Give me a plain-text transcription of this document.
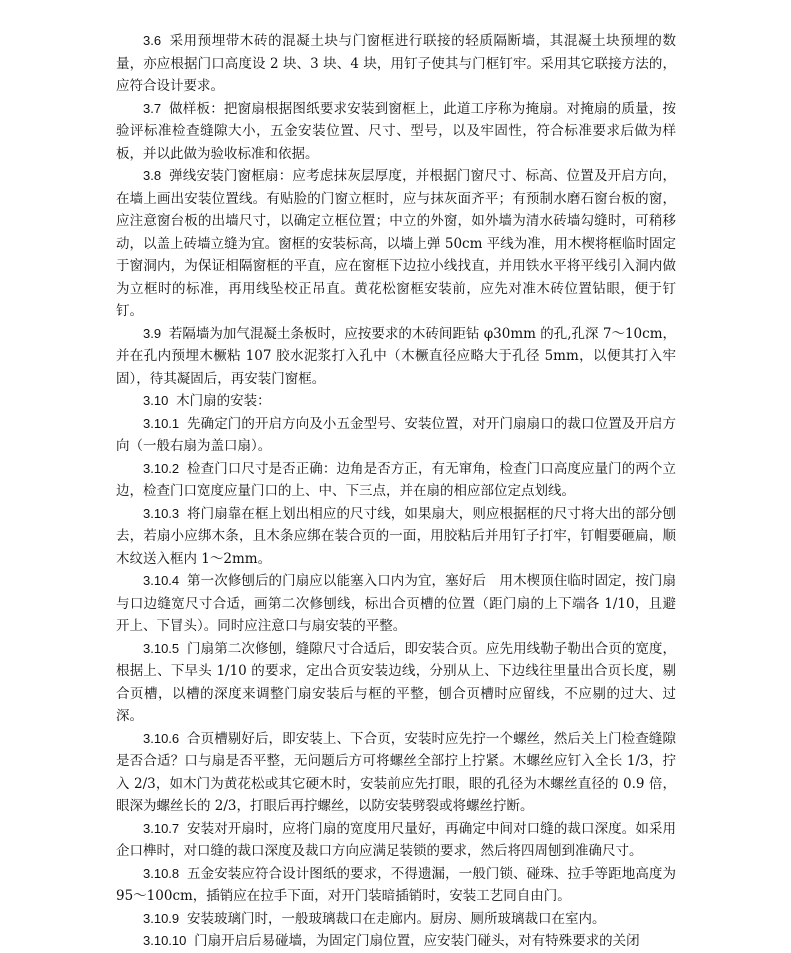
3.6 采用预埋带木砖的混凝土块与门窗框进行联接的轻质隔断墙，其混凝土块预埋的数量，亦应根据门口高度设 2 块、3 块、4 块，用钉子使其与门框钉牢。采用其它联接方法的，应符合设计要求。

3.7 做样板：把窗扇根据图纸要求安装到窗框上，此道工序称为掩扇。对掩扇的质量，按验评标准检查缝隙大小，五金安装位置、尺寸、型号，以及牢固性，符合标准要求后做为样板，并以此做为验收标准和依据。

3.8 弹线安装门窗框扇：应考虑抹灰层厚度，并根据门窗尺寸、标高、位置及开启方向，在墙上画出安装位置线。有贴脸的门窗立框时，应与抹灰面齐平；有预制水磨石窗台板的窗，应注意窗台板的出墙尺寸，以确定立框位置；中立的外窗，如外墙为清水砖墙勾缝时，可稍移动，以盖上砖墙立缝为宜。窗框的安装标高，以墙上弹 50cm 平线为准，用木楔将框临时固定于窗洞内，为保证相隔窗框的平直，应在窗框下边拉小线找直，并用铁水平将平线引入洞内做为立框时的标准，再用线坠校正吊直。黄花松窗框安装前，应先对准木砖位置钻眼，便于钉钉。

3.9 若隔墙为加气混凝土条板时，应按要求的木砖间距钻 φ30mm 的孔,孔深 7～10cm，并在孔内预埋木橛粘 107 胶水泥浆打入孔中（木橛直径应略大于孔径 5mm，以便其打入牢固），待其凝固后，再安装门窗框。

3.10 木门扇的安装：

3.10.1 先确定门的开启方向及小五金型号、安装位置，对开门扇扇口的裁口位置及开启方向（一般右扇为盖口扇）。

3.10.2 检查门口尺寸是否正确：边角是否方正，有无窜角，检查门口高度应量门的两个立边，检查门口宽度应量门口的上、中、下三点，并在扇的相应部位定点划线。

3.10.3 将门扇靠在框上划出相应的尺寸线，如果扇大，则应根据框的尺寸将大出的部分刨去，若扇小应绑木条，且木条应绑在装合页的一面，用胶粘后并用钉子打牢，钉帽要砸扁，顺木纹送入框内 1～2mm。

3.10.4 第一次修刨后的门扇应以能塞入口内为宜，塞好后　用木楔顶住临时固定，按门扇与口边缝宽尺寸合适，画第二次修刨线，标出合页槽的位置（距门扇的上下端各 1/10，且避开上、下冒头）。同时应注意口与扇安装的平整。

3.10.5 门扇第二次修刨，缝隙尺寸合适后，即安装合页。应先用线勒子勒出合页的宽度，根据上、下早头 1/10 的要求，定出合页安装边线，分别从上、下边线往里量出合页长度，剔合页槽，以槽的深度来调整门扇安装后与框的平整，刨合页槽时应留线，不应剔的过大、过深。

3.10.6 合页槽剔好后，即安装上、下合页，安装时应先拧一个螺丝，然后关上门检查缝隙是否合适？口与扇是否平整，无问题后方可将螺丝全部拧上拧紧。木螺丝应钉入全长 1/3，拧入 2/3，如木门为黄花松或其它硬木时，安装前应先打眼，眼的孔径为木螺丝直径的 0.9 倍，眼深为螺丝长的 2/3，打眼后再拧螺丝，以防安装劈裂或将螺丝拧断。

3.10.7 安装对开扇时，应将门扇的宽度用尺量好，再确定中间对口缝的裁口深度。如采用企口榫时，对口缝的裁口深度及裁口方向应满足装锁的要求，然后将四周刨到准确尺寸。

3.10.8 五金安装应符合设计图纸的要求，不得遗漏，一般门锁、碰珠、拉手等距地高度为 95～100cm，插销应在拉手下面，对开门装暗插销时，安装工艺同自由门。

3.10.9 安装玻璃门时，一般玻璃裁口在走廊内。厨房、厕所玻璃裁口在室内。

3.10.10 门扇开启后易碰墙，为固定门扇位置，应安装门碰头，对有特殊要求的关闭
